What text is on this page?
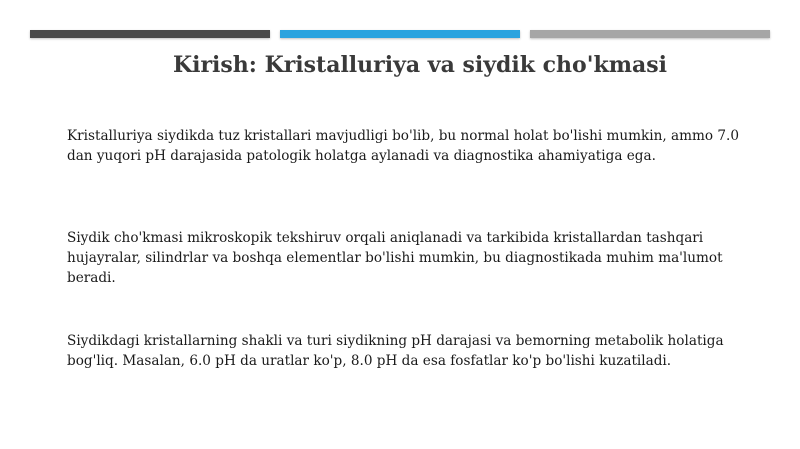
Kirish: Kristalluriya va siydik cho'kmasi

Kristalluriya siydikda tuz kristallari mavjudligi bo'lib, bu normal holat bo'lishi mumkin, ammo 7.0 dan yuqori pH darajasida patologik holatga aylanadi va diagnostika ahamiyatiga ega.

Siydik cho'kmasi mikroskopik tekshiruv orqali aniqlanadi va tarkibida kristallardan tashqari hujayralar, silindrlar va boshqa elementlar bo'lishi mumkin, bu diagnostikada muhim ma'lumot beradi.

Siydikdagi kristallarning shakli va turi siydikning pH darajasi va bemorning metabolik holatiga bog'liq. Masalan, 6.0 pH da uratlar ko'p, 8.0 pH da esa fosfatlar ko'p bo'lishi kuzatiladi.
